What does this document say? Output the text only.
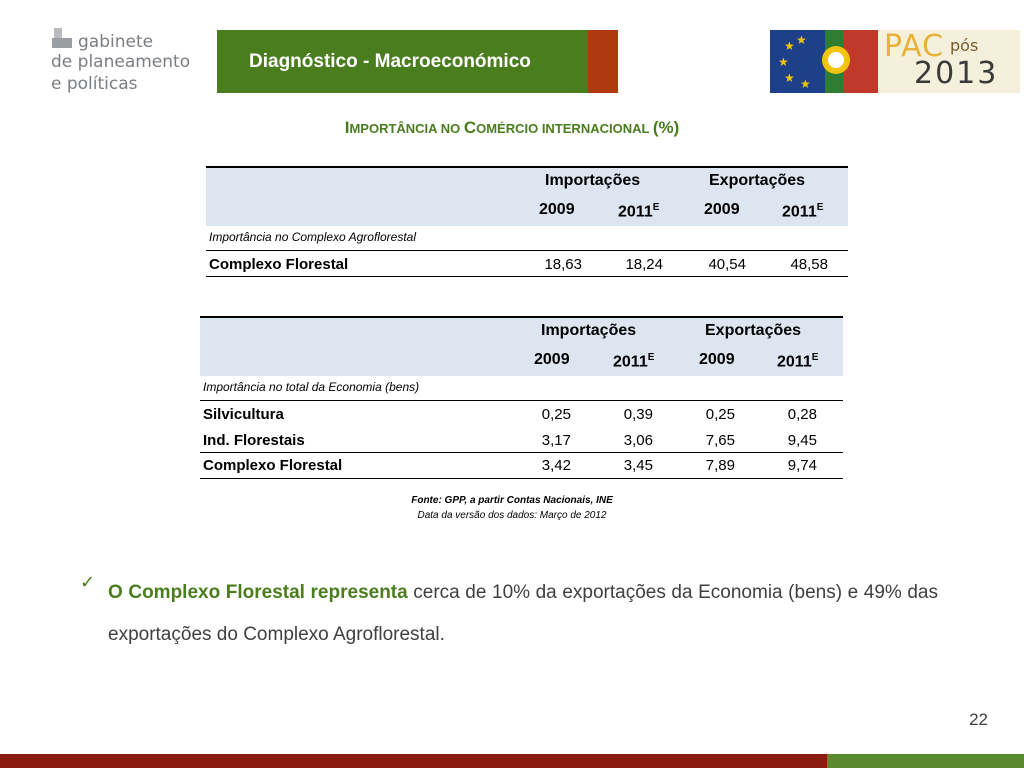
gabinete
de planeamento
e políticas
Diagnóstico - Macroeconómico
★ ★
★
★ ★
PAC pós
2013
IMPORTÂNCIA NO COMÉRCIO INTERNACIONAL (%)
Importações	Exportações
2009	$2011^E$	2009	$2011^E$
Importância no Complexo Agroflorestal
Complexo Florestal	18,63	18,24	40,54	48,58
Importações	Exportações
2009	$2011^E$	2009	$2011^E$
Importância no total da Economia (bens)
Silvicultura	0,25	0,39	0,25	0,28
Ind. Florestais	3,17	3,06	7,65	9,45
Complexo Florestal	3,42	3,45	7,89	9,74
Fonte: GPP, a partir Contas Nacionais, INE
Data da versão dos dados: Março de 2012
✓ O Complexo Florestal representa cerca de 10% da exportações da Economia (bens) e 49% das exportações do Complexo Agroflorestal.
22
